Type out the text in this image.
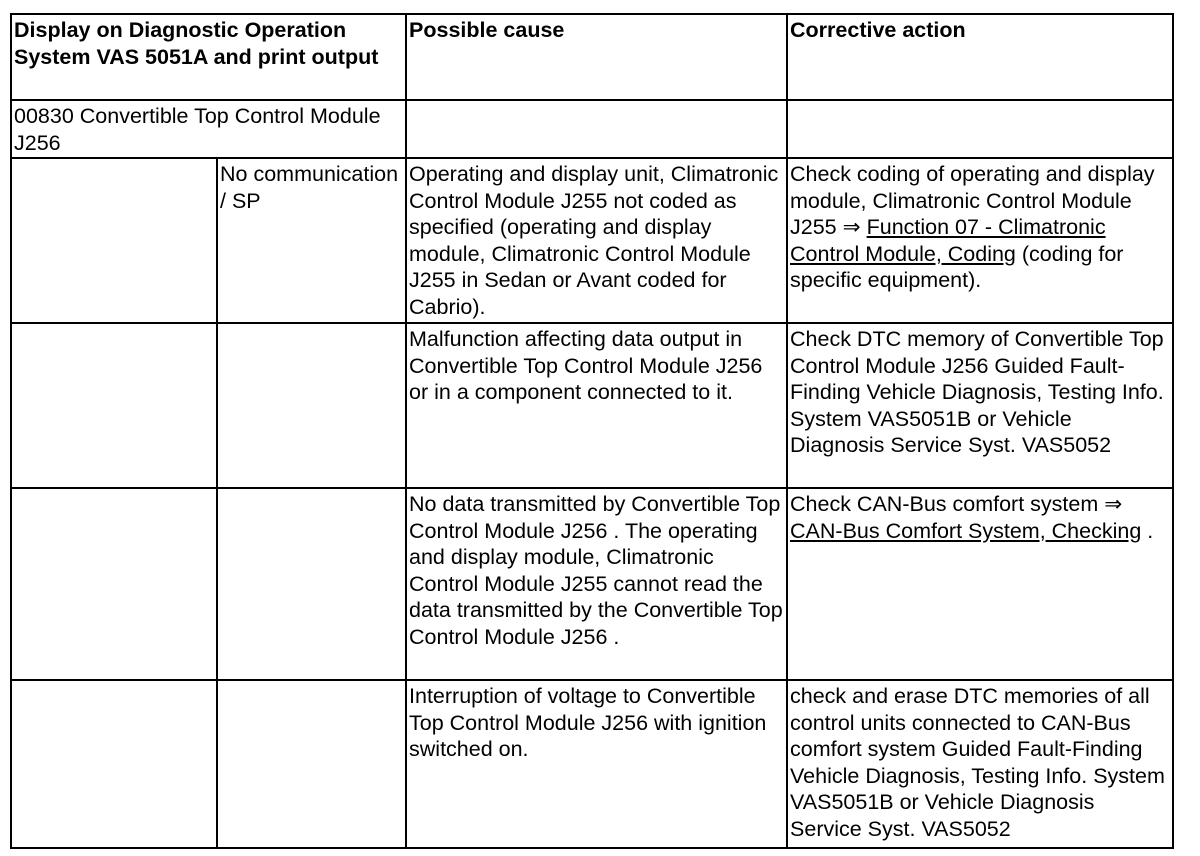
Display on Diagnostic Operation System VAS 5051A and print output		Possible cause	Corrective action
00830 Convertible Top Control Module J256			
	No communication / SP	Operating and display unit, Climatronic Control Module J255 not coded as specified (operating and display module, Climatronic Control Module J255 in Sedan or Avant coded for Cabrio).	Check coding of operating and display module, Climatronic Control Module J255 ⇒ Function 07 - Climatronic Control Module, Coding (coding for specific equipment).
		Malfunction affecting data output in Convertible Top Control Module J256 or in a component connected to it.	Check DTC memory of Convertible Top Control Module J256 Guided Fault-Finding Vehicle Diagnosis, Testing Info. System VAS5051B or Vehicle Diagnosis Service Syst. VAS5052
		No data transmitted by Convertible Top Control Module J256 . The operating and display module, Climatronic Control Module J255 cannot read the data transmitted by the Convertible Top Control Module J256 .	Check CAN-Bus comfort system ⇒ CAN-Bus Comfort System, Checking .
		Interruption of voltage to Convertible Top Control Module J256 with ignition switched on.	check and erase DTC memories of all control units connected to CAN-Bus comfort system Guided Fault-Finding Vehicle Diagnosis, Testing Info. System VAS5051B or Vehicle Diagnosis Service Syst. VAS5052
